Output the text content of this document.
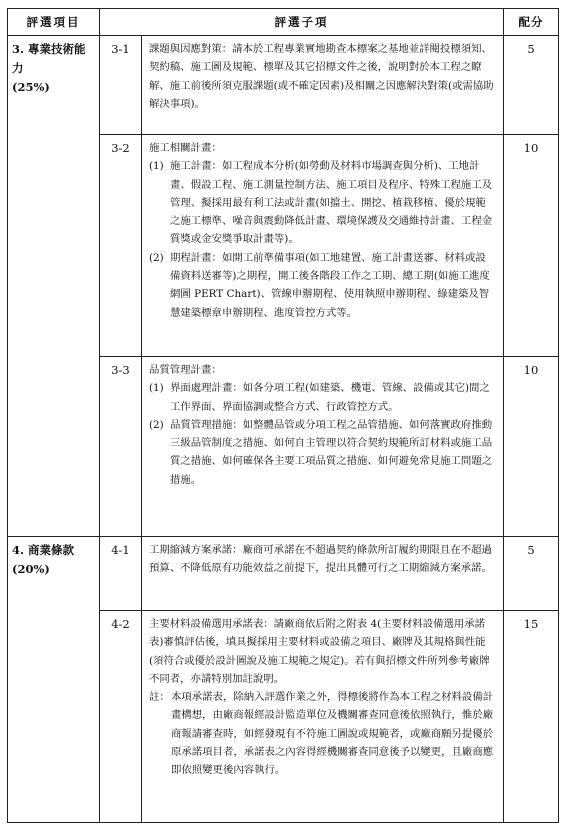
評選項目	評選子項		配分
3. 專業技術能力
(25%)	3-1	課題與因應對策：請本於工程專業實地勘查本標案之基地並詳閱投標須知、契約稿、施工圖及規範、標單及其它招標文件之後，說明對於本工程之瞭解、施工前後所須克服課題(或不確定因素)及相關之因應解決對策(或需協助解決事項)。	5
	3-2	施工相關計畫：
(1) 施工計畫：如工程成本分析(如勞動及材料市場調查與分析)、工地計畫、假設工程、施工測量控制方法、施工項目及程序、特殊工程施工及管理、擬採用最有利工法或計畫(如擋土、開挖、植栽移植、優於規範之施工標準、噪音與震動降低計畫、環境保護及交通維持計畫、工程金質獎或金安獎爭取計畫等)。
(2) 期程計畫：如開工前準備事項(如工地建置、施工計畫送審、材料或設備資料送審等)之期程，開工後各階段工作之工期、總工期(如施工進度網圖 PERT Chart)、管線申辦期程、使用執照申辦期程、綠建築及智慧建築標章申辦期程、進度管控方式等。	10
	3-3	品質管理計畫：
(1) 界面處理計畫：如各分項工程(如建築、機電、管線、設備或其它)間之工作界面、界面協調或整合方式、行政管控方式。
(2) 品質管理措施：如整體品管或分項工程之品管措施、如何落實政府推動三級品管制度之措施、如何自主管理以符合契約規範所訂材料或施工品質之措施、如何確保各主要工項品質之措施、如何避免常見施工問題之措施。	10
4. 商業條款
(20%)	4-1	工期縮減方案承諾：廠商可承諾在不超過契約條款所訂履約期限且在不超過預算、不降低原有功能效益之前提下，提出具體可行之工期縮減方案承諾。	5
	4-2	主要材料設備選用承諾表：請廠商依后附之附表 4(主要材料設備選用承諾表)審慎評估後，填具擬採用主要材料或設備之項目、廠牌及其規格與性能(須符合或優於設計圖說及施工規範之規定)。若有與招標文件所列參考廠牌不同者，亦請特別加註說明。
註： 本項承諾表，除納入評選作業之外，得標後將作為本工程之材料設備計畫構想，由廠商報經設計監造單位及機關審查同意後依照執行，惟於廠商報請審查時，如經發現有不符施工圖說或規範者，或廠商願另提優於原承諾項目者，承諾表之內容得經機關審查同意後予以變更，且廠商應即依照變更後內容執行。	15
